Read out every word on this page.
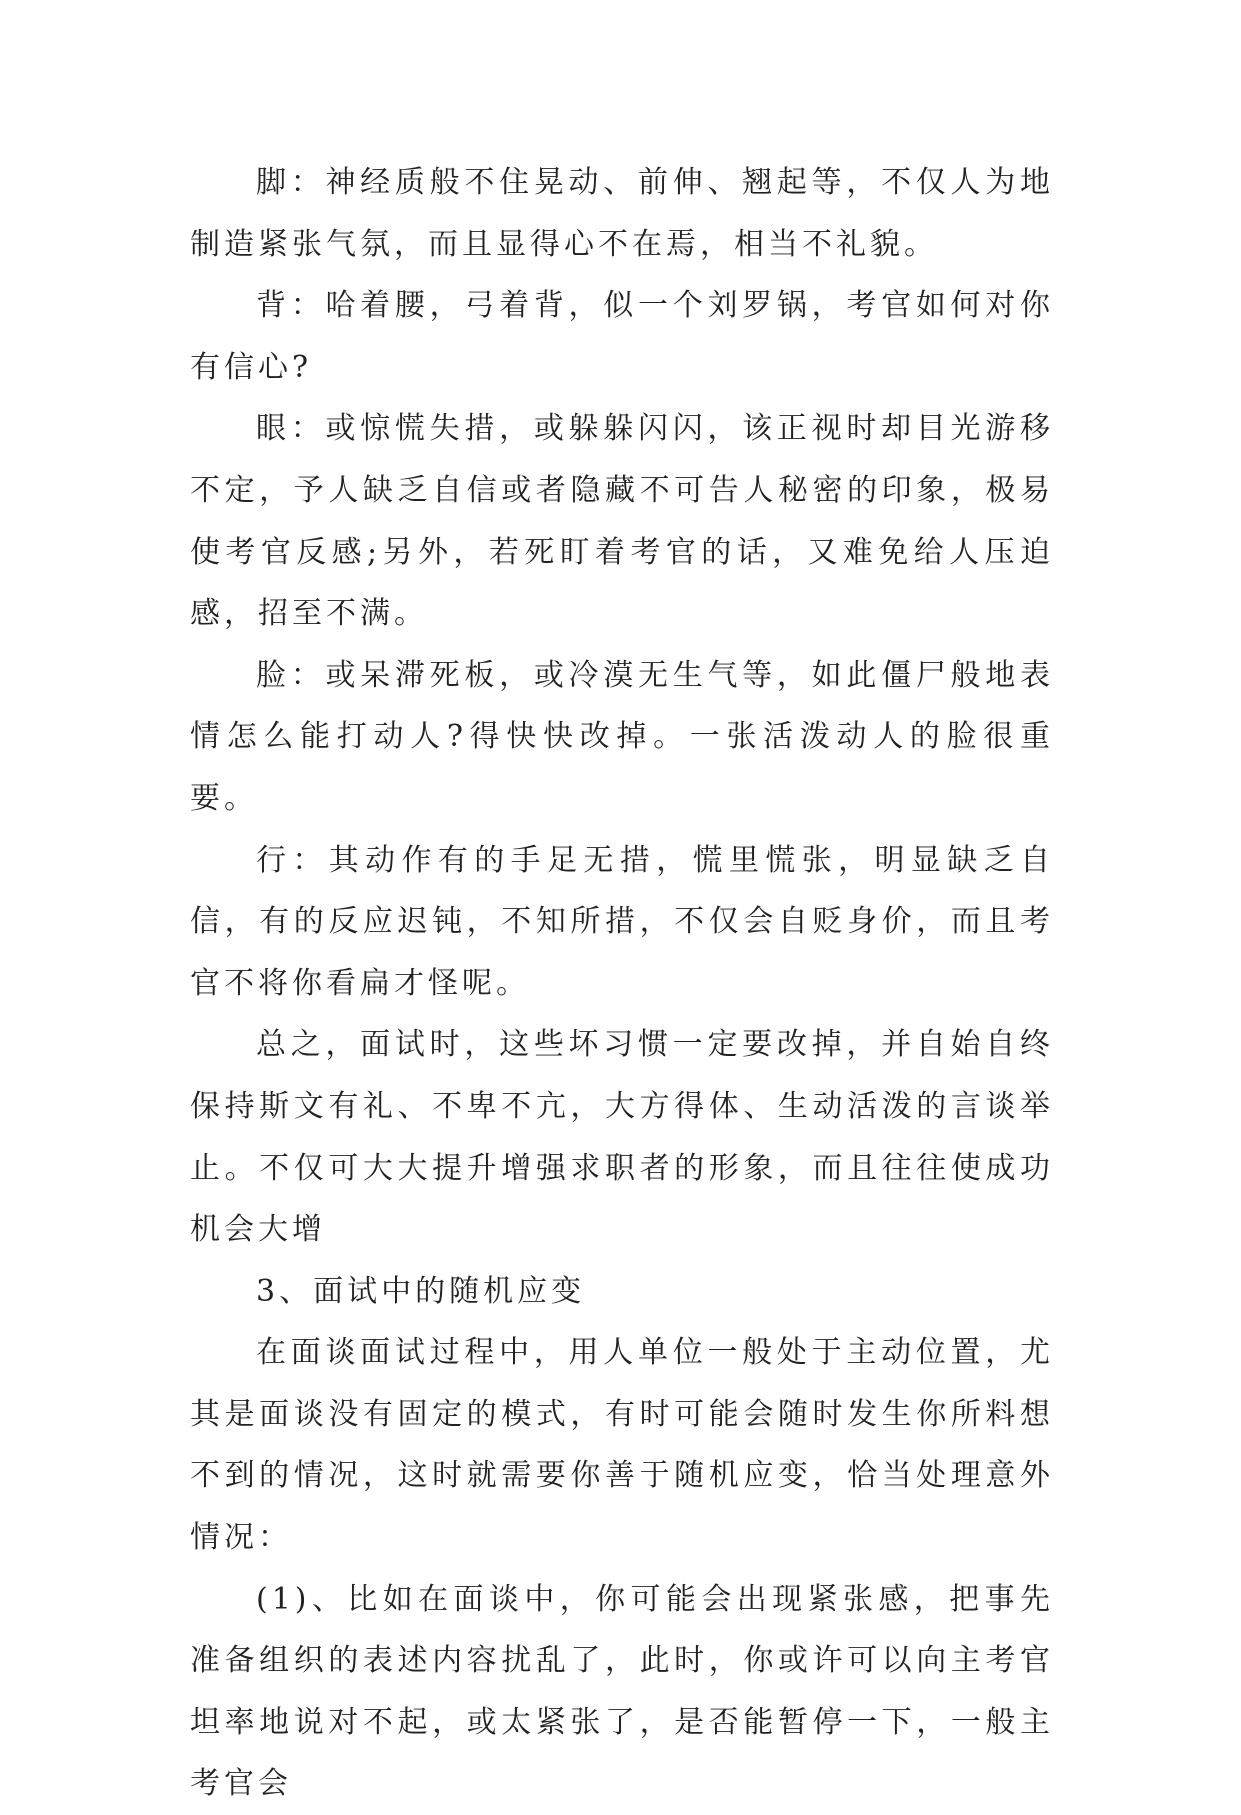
脚：神经质般不住晃动、前伸、翘起等，不仅人为地制造紧张气氛，而且显得心不在焉，相当不礼貌。

背：哈着腰，弓着背，似一个刘罗锅，考官如何对你有信心?

眼：或惊慌失措，或躲躲闪闪，该正视时却目光游移不定，予人缺乏自信或者隐藏不可告人秘密的印象，极易使考官反感;另外，若死盯着考官的话，又难免给人压迫感，招至不满。

脸：或呆滞死板，或冷漠无生气等，如此僵尸般地表情怎么能打动人?得快快改掉。一张活泼动人的脸很重要。

行：其动作有的手足无措，慌里慌张，明显缺乏自信，有的反应迟钝，不知所措，不仅会自贬身价，而且考官不将你看扁才怪呢。

总之，面试时，这些坏习惯一定要改掉，并自始自终保持斯文有礼、不卑不亢，大方得体、生动活泼的言谈举止。不仅可大大提升增强求职者的形象，而且往往使成功机会大增

3、面试中的随机应变

在面谈面试过程中，用人单位一般处于主动位置，尤其是面谈没有固定的模式，有时可能会随时发生你所料想不到的情况，这时就需要你善于随机应变，恰当处理意外情况：

(1)、比如在面谈中，你可能会出现紧张感，把事先准备组织的表述内容扰乱了，此时，你或许可以向主考官坦率地说对不起，或太紧张了，是否能暂停一下，一般主考官会
